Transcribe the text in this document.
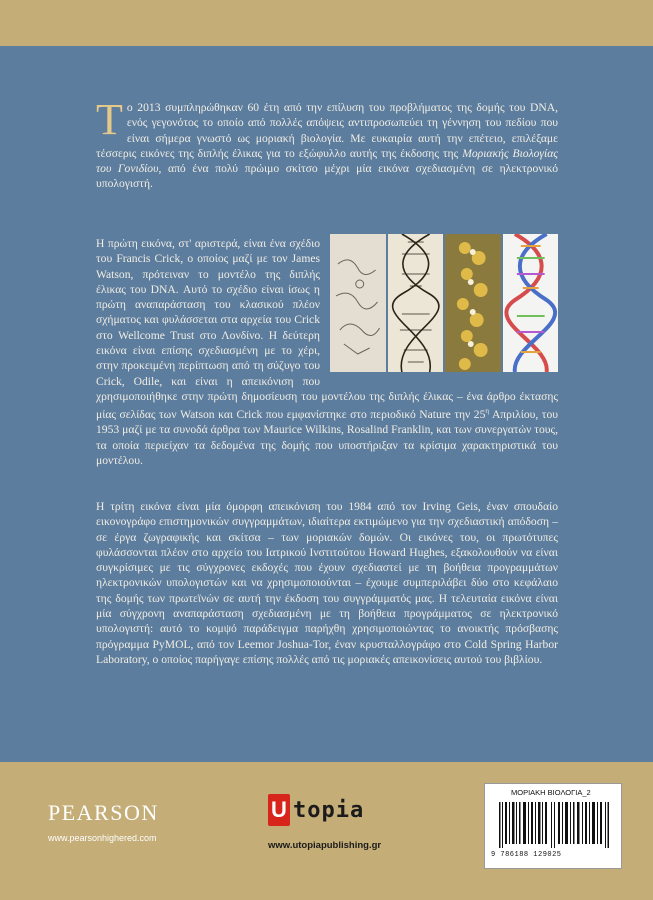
Το 2013 συμπληρώθηκαν 60 έτη από την επίλυση του προβλήματος της δομής του DNA, ενός γεγονότος το οποίο από πολλές απόψεις αντιπροσωπεύει τη γέννηση του πεδίου που είναι σήμερα γνωστό ως μοριακή βιολογία. Με ευκαιρία αυτή την επέτειο, επιλέξαμε τέσσερις εικόνες της διπλής έλικας για το εξώφυλλο αυτής της έκδοσης της Μοριακής Βιολογίας του Γονιδίου, από ένα πολύ πρώιμο σκίτσο μέχρι μία εικόνα σχεδιασμένη σε ηλεκτρονικό υπολογιστή.

Η πρώτη εικόνα, στ' αριστερά, είναι ένα σχέδιο του Francis Crick, ο οποίος μαζί με τον James Watson, πρότειναν το μοντέλο της διπλής έλικας του DNA. Αυτό το σχέδιο είναι ίσως η πρώτη αναπαράσταση του κλασικού πλέον σχήματος και φυλάσσεται στα αρχεία του Crick στο Wellcome Trust στο Λονδίνο. Η δεύτερη εικόνα είναι επίσης σχεδιασμένη με το χέρι, στην προκειμένη περίπτωση από τη σύζυγο του Crick, Odile, και είναι η απεικόνιση που χρησιμοποιήθηκε στην πρώτη δημοσίευση του μοντέλου της διπλής έλικας – ένα άρθρο έκτασης μίας σελίδας των Watson και Crick που εμφανίστηκε στο περιοδικό Nature την $25^\eta$ Απριλίου, του 1953 μαζί με τα συνοδά άρθρα των Maurice Wilkins, Rosalind Franklin, και των συνεργατών τους, τα οποία περιείχαν τα δεδομένα της δομής που υποστήριξαν τα κρίσιμα χαρακτηριστικά του μοντέλου.

Η τρίτη εικόνα είναι μία όμορφη απεικόνιση του 1984 από τον Irving Geis, έναν σπουδαίο εικονογράφο επιστημονικών συγγραμμάτων, ιδιαίτερα εκτιμώμενο για την σχεδιαστική απόδοση – σε έργα ζωγραφικής και σκίτσα – των μοριακών δομών. Οι εικόνες του, οι πρωτότυπες φυλάσσονται πλέον στο αρχείο του Ιατρικού Ινστιτούτου Howard Hughes, εξακολουθούν να είναι συγκρίσιμες με τις σύγχρονες εκδοχές που έχουν σχεδιαστεί με τη βοήθεια προγραμμάτων ηλεκτρονικών υπολογιστών και να χρησιμοποιούνται – έχουμε συμπεριλάβει δύο στο κεφάλαιο της δομής των πρωτεϊνών σε αυτή την έκδοση του συγγράμματός μας. Η τελευταία εικόνα είναι μία σύγχρονη αναπαράσταση σχεδιασμένη με τη βοήθεια προγράμματος σε ηλεκτρονικό υπολογιστή: αυτό το κομψό παράδειγμα παρήχθη χρησιμοποιώντας το ανοικτής πρόσβασης πρόγραμμα PyMOL, από τον Leemor Joshua-Tor, έναν κρυσταλλογράφο στο Cold Spring Harbor Laboratory, ο οποίος παρήγαγε επίσης πολλές από τις μοριακές απεικονίσεις αυτού του βιβλίου.

PEARSON
www.pearsonhighered.com
U topia
www.utopiapublishing.gr
ΜΟΡΙΑΚΗ ΒΙΟΛΟΓΙΑ_2
9 786188 129025
